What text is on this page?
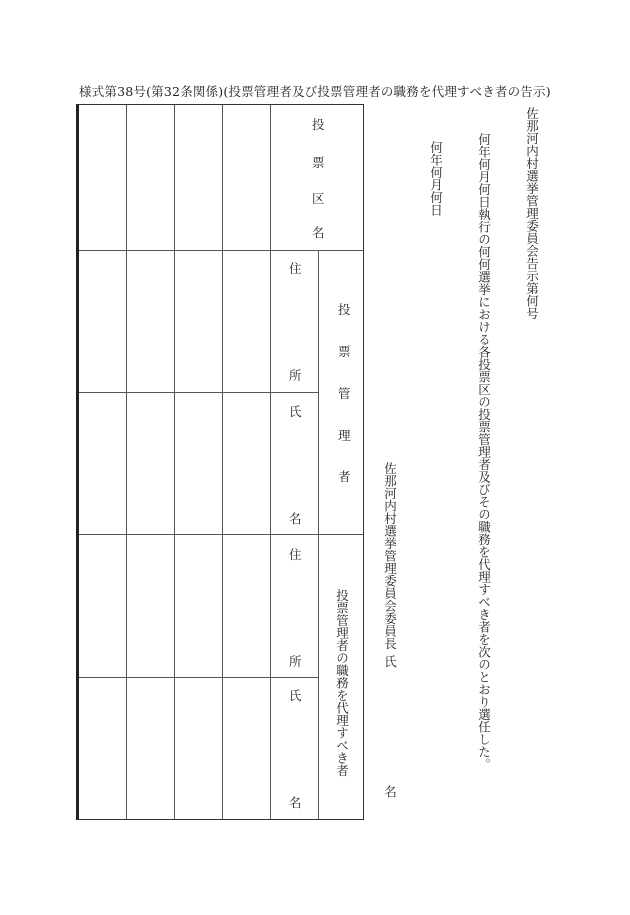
様式第38号(第32条関係)(投票管理者及び投票管理者の職務を代理すべき者の告示)
佐那河内村選挙管理委員会告示第何号
何年何月何日執行の何何選挙における各投票区の投票管理者及びその職務を代理すべき者を次のとおり選任した。
何年何月何日
佐那河内村選挙管理委員会委員長
氏
名
投
票
区
名
投
票
管
理
者
住
所
氏
名
投票管理者の職務を代理すべき者
住
所
氏
名
